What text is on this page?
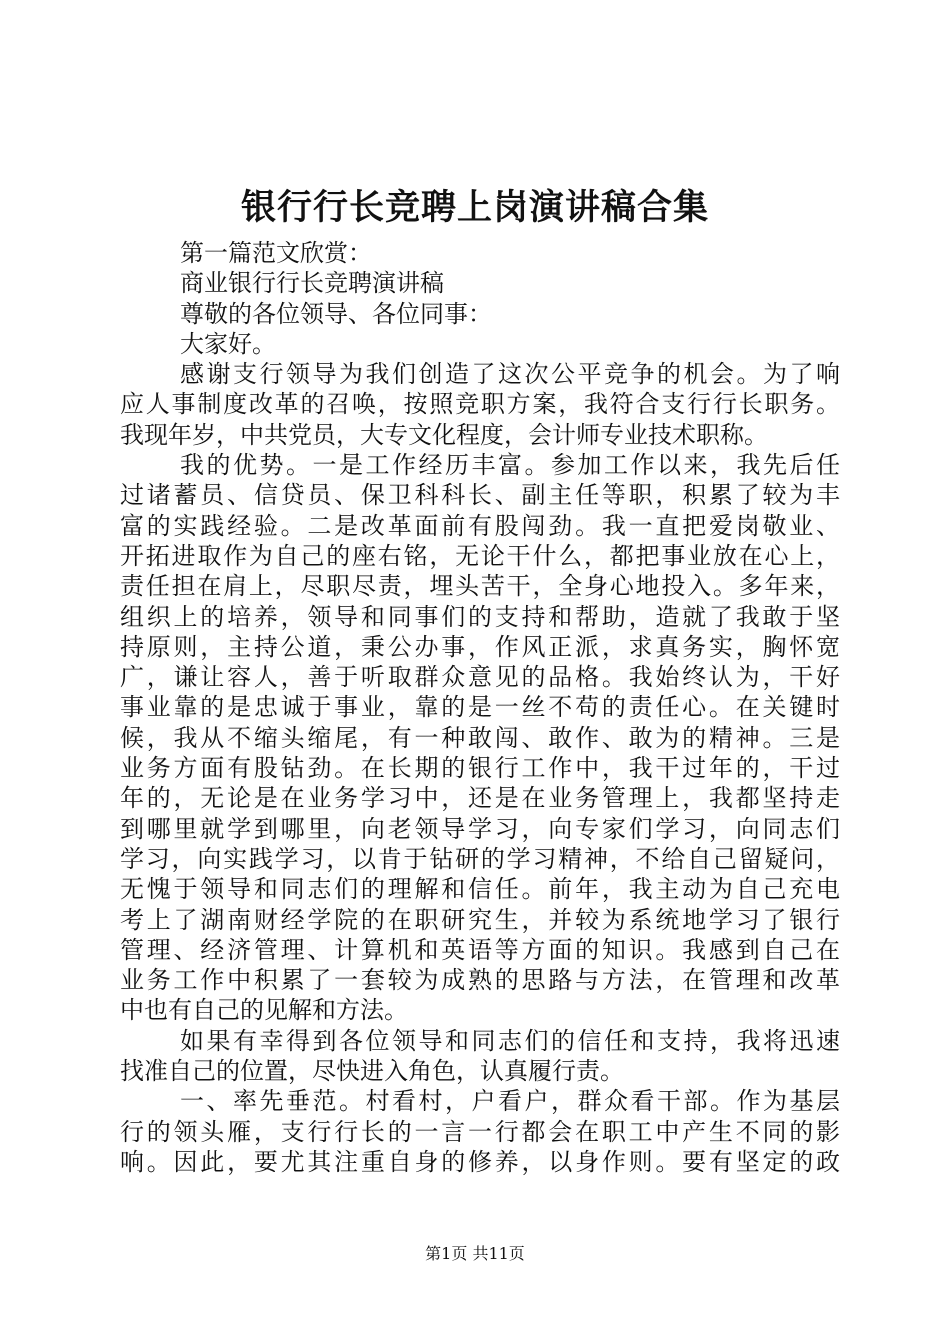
银行行长竞聘上岗演讲稿合集
第一篇范文欣赏：
商业银行行长竞聘演讲稿
尊敬的各位领导、各位同事：
大家好。
感谢支行领导为我们创造了这次公平竞争的机会。为了响
应人事制度改革的召唤，按照竞职方案，我符合支行行长职务。
我现年岁，中共党员，大专文化程度，会计师专业技术职称。
我的优势。一是工作经历丰富。参加工作以来，我先后任
过诸蓄员、信贷员、保卫科科长、副主任等职，积累了较为丰
富的实践经验。二是改革面前有股闯劲。我一直把爱岗敬业、
开拓进取作为自己的座右铭，无论干什么，都把事业放在心上，
责任担在肩上，尽职尽责，埋头苦干，全身心地投入。多年来，
组织上的培养，领导和同事们的支持和帮助，造就了我敢于坚
持原则，主持公道，秉公办事，作风正派，求真务实，胸怀宽
广，谦让容人，善于听取群众意见的品格。我始终认为，干好
事业靠的是忠诚于事业，靠的是一丝不苟的责任心。在关键时
候，我从不缩头缩尾，有一种敢闯、敢作、敢为的精神。三是
业务方面有股钻劲。在长期的银行工作中，我干过年的，干过
年的，无论是在业务学习中，还是在业务管理上，我都坚持走
到哪里就学到哪里，向老领导学习，向专家们学习，向同志们
学习，向实践学习，以肯于钻研的学习精神，不给自己留疑问，
无愧于领导和同志们的理解和信任。前年，我主动为自己充电
考上了湖南财经学院的在职研究生，并较为系统地学习了银行
管理、经济管理、计算机和英语等方面的知识。我感到自己在
业务工作中积累了一套较为成熟的思路与方法，在管理和改革
中也有自己的见解和方法。
如果有幸得到各位领导和同志们的信任和支持，我将迅速
找准自己的位置，尽快进入角色，认真履行责。
一、率先垂范。村看村，户看户，群众看干部。作为基层
行的领头雁，支行行长的一言一行都会在职工中产生不同的影
响。因此，要尤其注重自身的修养，以身作则。要有坚定的政
第1页 共11页
